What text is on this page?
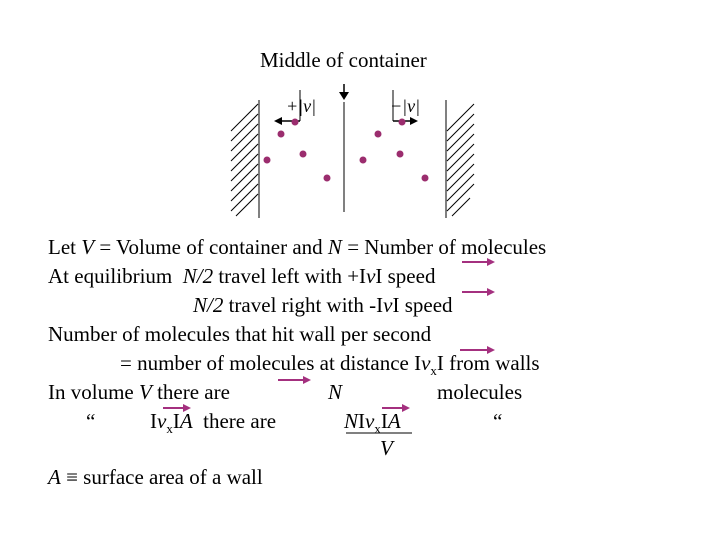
Middle of container
+|v|	−|v|
Let V = Volume of container and N = Number of molecules
At equilibrium  N/2 travel left with +IvI speed
N/2 travel right with -IvI speed
Number of molecules that hit wall per second
= number of molecules at distance $Iv_xI$ from walls
In volume V there are	N	molecules
“	$Iv_xIA$  there are	NIv$_x$IA	“
V
A ≡ surface area of a wall
